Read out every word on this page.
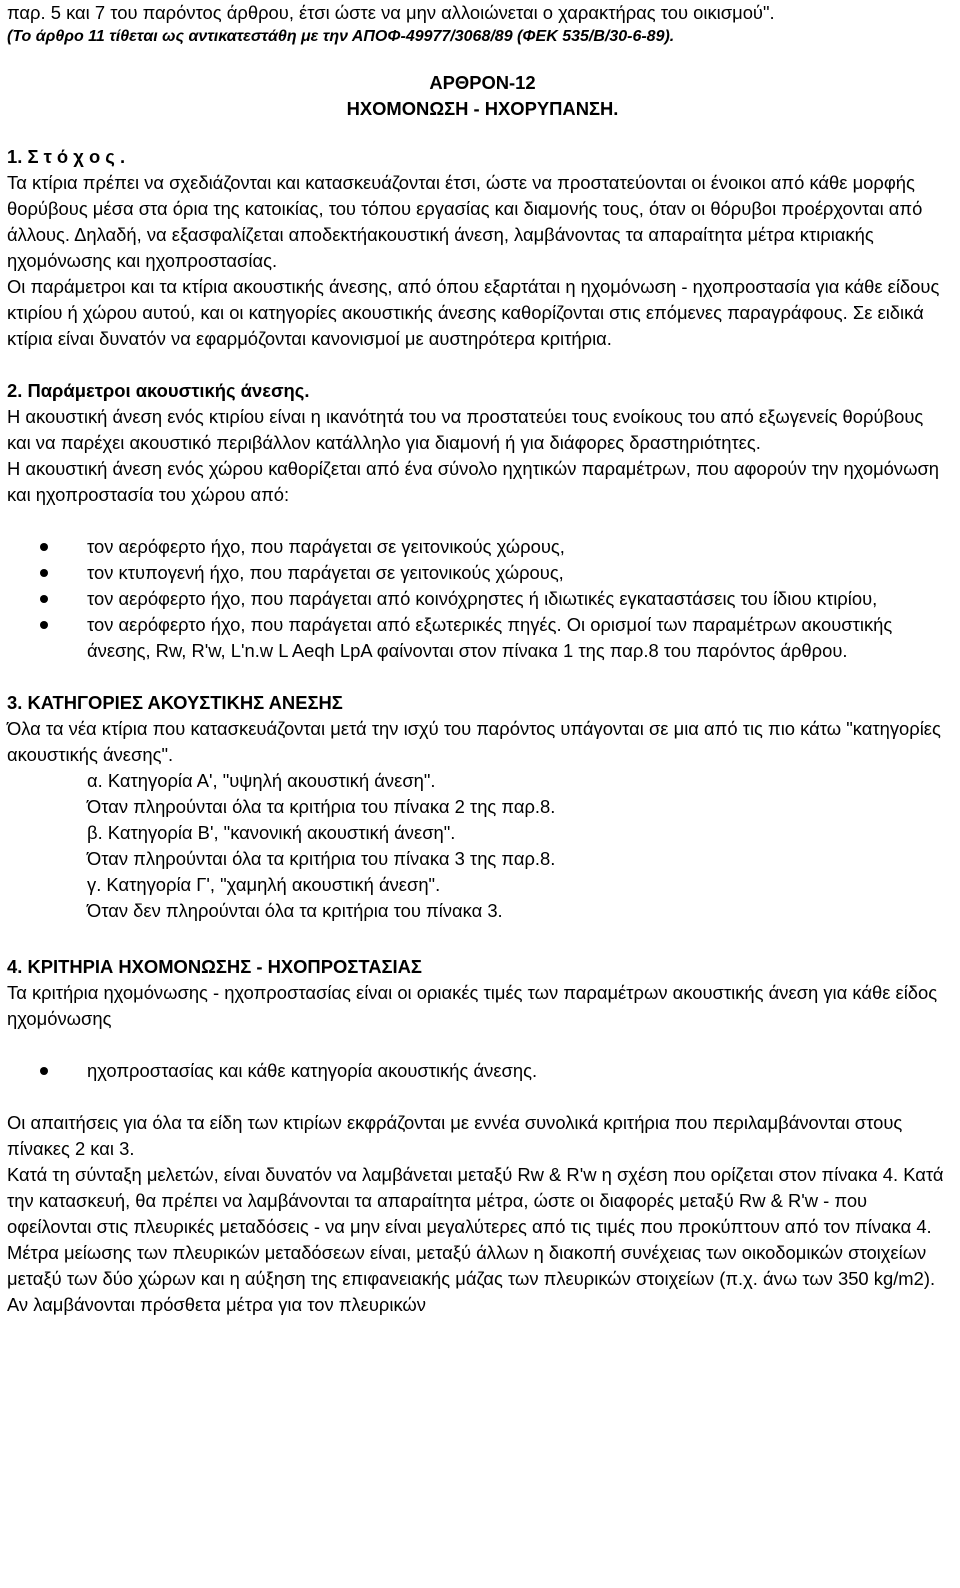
παρ. 5 και 7 του παρόντος άρθρου, έτσι ώστε να μην αλλοιώνεται ο χαρακτήρας του οικισμού".

(Το άρθρο 11 τίθεται ως αντικατεστάθη με την ΑΠΟΦ-49977/3068/89 (ΦΕΚ 535/Β/30-6-89).

ΑΡΘΡΟΝ-12

ΗΧΟΜΟΝΩΣΗ - ΗΧΟΡΥΠΑΝΣΗ.

1. Σ τ ό χ ο ς .

Τα κτίρια πρέπει να σχεδιάζονται και κατασκευάζονται έτσι, ώστε να προστατεύονται οι ένοικοι από κάθε μορφής θορύβους μέσα στα όρια της κατοικίας, του τόπου εργασίας και διαμονής τους, όταν οι θόρυβοι προέρχονται από άλλους. Δηλαδή, να εξασφαλίζεται αποδεκτήακουστική άνεση, λαμβάνοντας τα απαραίτητα μέτρα κτιριακής ηχομόνωσης και ηχοπροστασίας.

Οι παράμετροι και τα κτίρια ακουστικής άνεσης, από όπου εξαρτάται η ηχομόνωση - ηχοπροστασία για κάθε είδους κτιρίου ή χώρου αυτού, και οι κατηγορίες ακουστικής άνεσης καθορίζονται στις επόμενες παραγράφους. Σε ειδικά κτίρια είναι δυνατόν να εφαρμόζονται κανονισμοί με αυστηρότερα κριτήρια.

2. Παράμετροι ακουστικής άνεσης.

Η ακουστική άνεση ενός κτιρίου είναι η ικανότητά του να προστατεύει τους ενοίκους του από εξωγενείς θορύβους και να παρέχει ακουστικό περιβάλλον κατάλληλο για διαμονή ή για διάφορες δραστηριότητες.

Η ακουστική άνεση ενός χώρου καθορίζεται από ένα σύνολο ηχητικών παραμέτρων, που αφορούν την ηχομόνωση και ηχοπροστασία του χώρου από:

τον αερόφερτο ήχο, που παράγεται σε γειτονικούς χώρους,
τον κτυπογενή ήχο, που παράγεται σε γειτονικούς χώρους,
τον αερόφερτο ήχο, που παράγεται από κοινόχρηστες ή ιδιωτικές εγκαταστάσεις του ίδιου κτιρίου,
τον αερόφερτο ήχο, που παράγεται από εξωτερικές πηγές. Οι ορισμοί των παραμέτρων ακουστικής άνεσης, Rw, R'w, L'n.w L Aeqh LpA φαίνονται στον πίνακα 1 της παρ.8 του παρόντος άρθρου.

3. ΚΑΤΗΓΟΡΙΕΣ ΑΚΟΥΣΤΙΚΗΣ ΑΝΕΣΗΣ

Όλα τα νέα κτίρια που κατασκευάζονται μετά την ισχύ του παρόντος υπάγονται σε μια από τις πιο κάτω "κατηγορίες ακουστικής άνεσης".

α. Κατηγορία Α', "υψηλή ακουστική άνεση".

Όταν πληρούνται όλα τα κριτήρια του πίνακα 2 της παρ.8.

β. Κατηγορία Β', "κανονική ακουστική άνεση".

Όταν πληρούνται όλα τα κριτήρια του πίνακα 3 της παρ.8.

γ. Κατηγορία Γ', "χαμηλή ακουστική άνεση".

Όταν δεν πληρούνται όλα τα κριτήρια του πίνακα 3.

4. ΚΡΙΤΗΡΙΑ ΗΧΟΜΟΝΩΣΗΣ - ΗΧΟΠΡΟΣΤΑΣΙΑΣ

Τα κριτήρια ηχομόνωσης - ηχοπροστασίας είναι οι οριακές τιμές των παραμέτρων ακουστικής άνεση για κάθε είδος ηχομόνωσης

ηχοπροστασίας και κάθε κατηγορία ακουστικής άνεσης.

Οι απαιτήσεις για όλα τα είδη των κτιρίων εκφράζονται με εννέα συνολικά κριτήρια που περιλαμβάνονται στους πίνακες 2 και 3.

Κατά τη σύνταξη μελετών, είναι δυνατόν να λαμβάνεται μεταξύ Rw & R'w η σχέση που ορίζεται στον πίνακα 4. Κατά την κατασκευή, θα πρέπει να λαμβάνονται τα απαραίτητα μέτρα, ώστε οι διαφορές μεταξύ Rw & R'w - που οφείλονται στις πλευρικές μεταδόσεις - να μην είναι μεγαλύτερες από τις τιμές που προκύπτουν από τον πίνακα 4. Μέτρα μείωσης των πλευρικών μεταδόσεων είναι, μεταξύ άλλων η διακοπή συνέχειας των οικοδομικών στοιχείων μεταξύ των δύο χώρων και η αύξηση της επιφανειακής μάζας των πλευρικών στοιχείων (π.χ. άνω των 350 kg/m2). Αν λαμβάνονται πρόσθετα μέτρα για τον πλευρικών
